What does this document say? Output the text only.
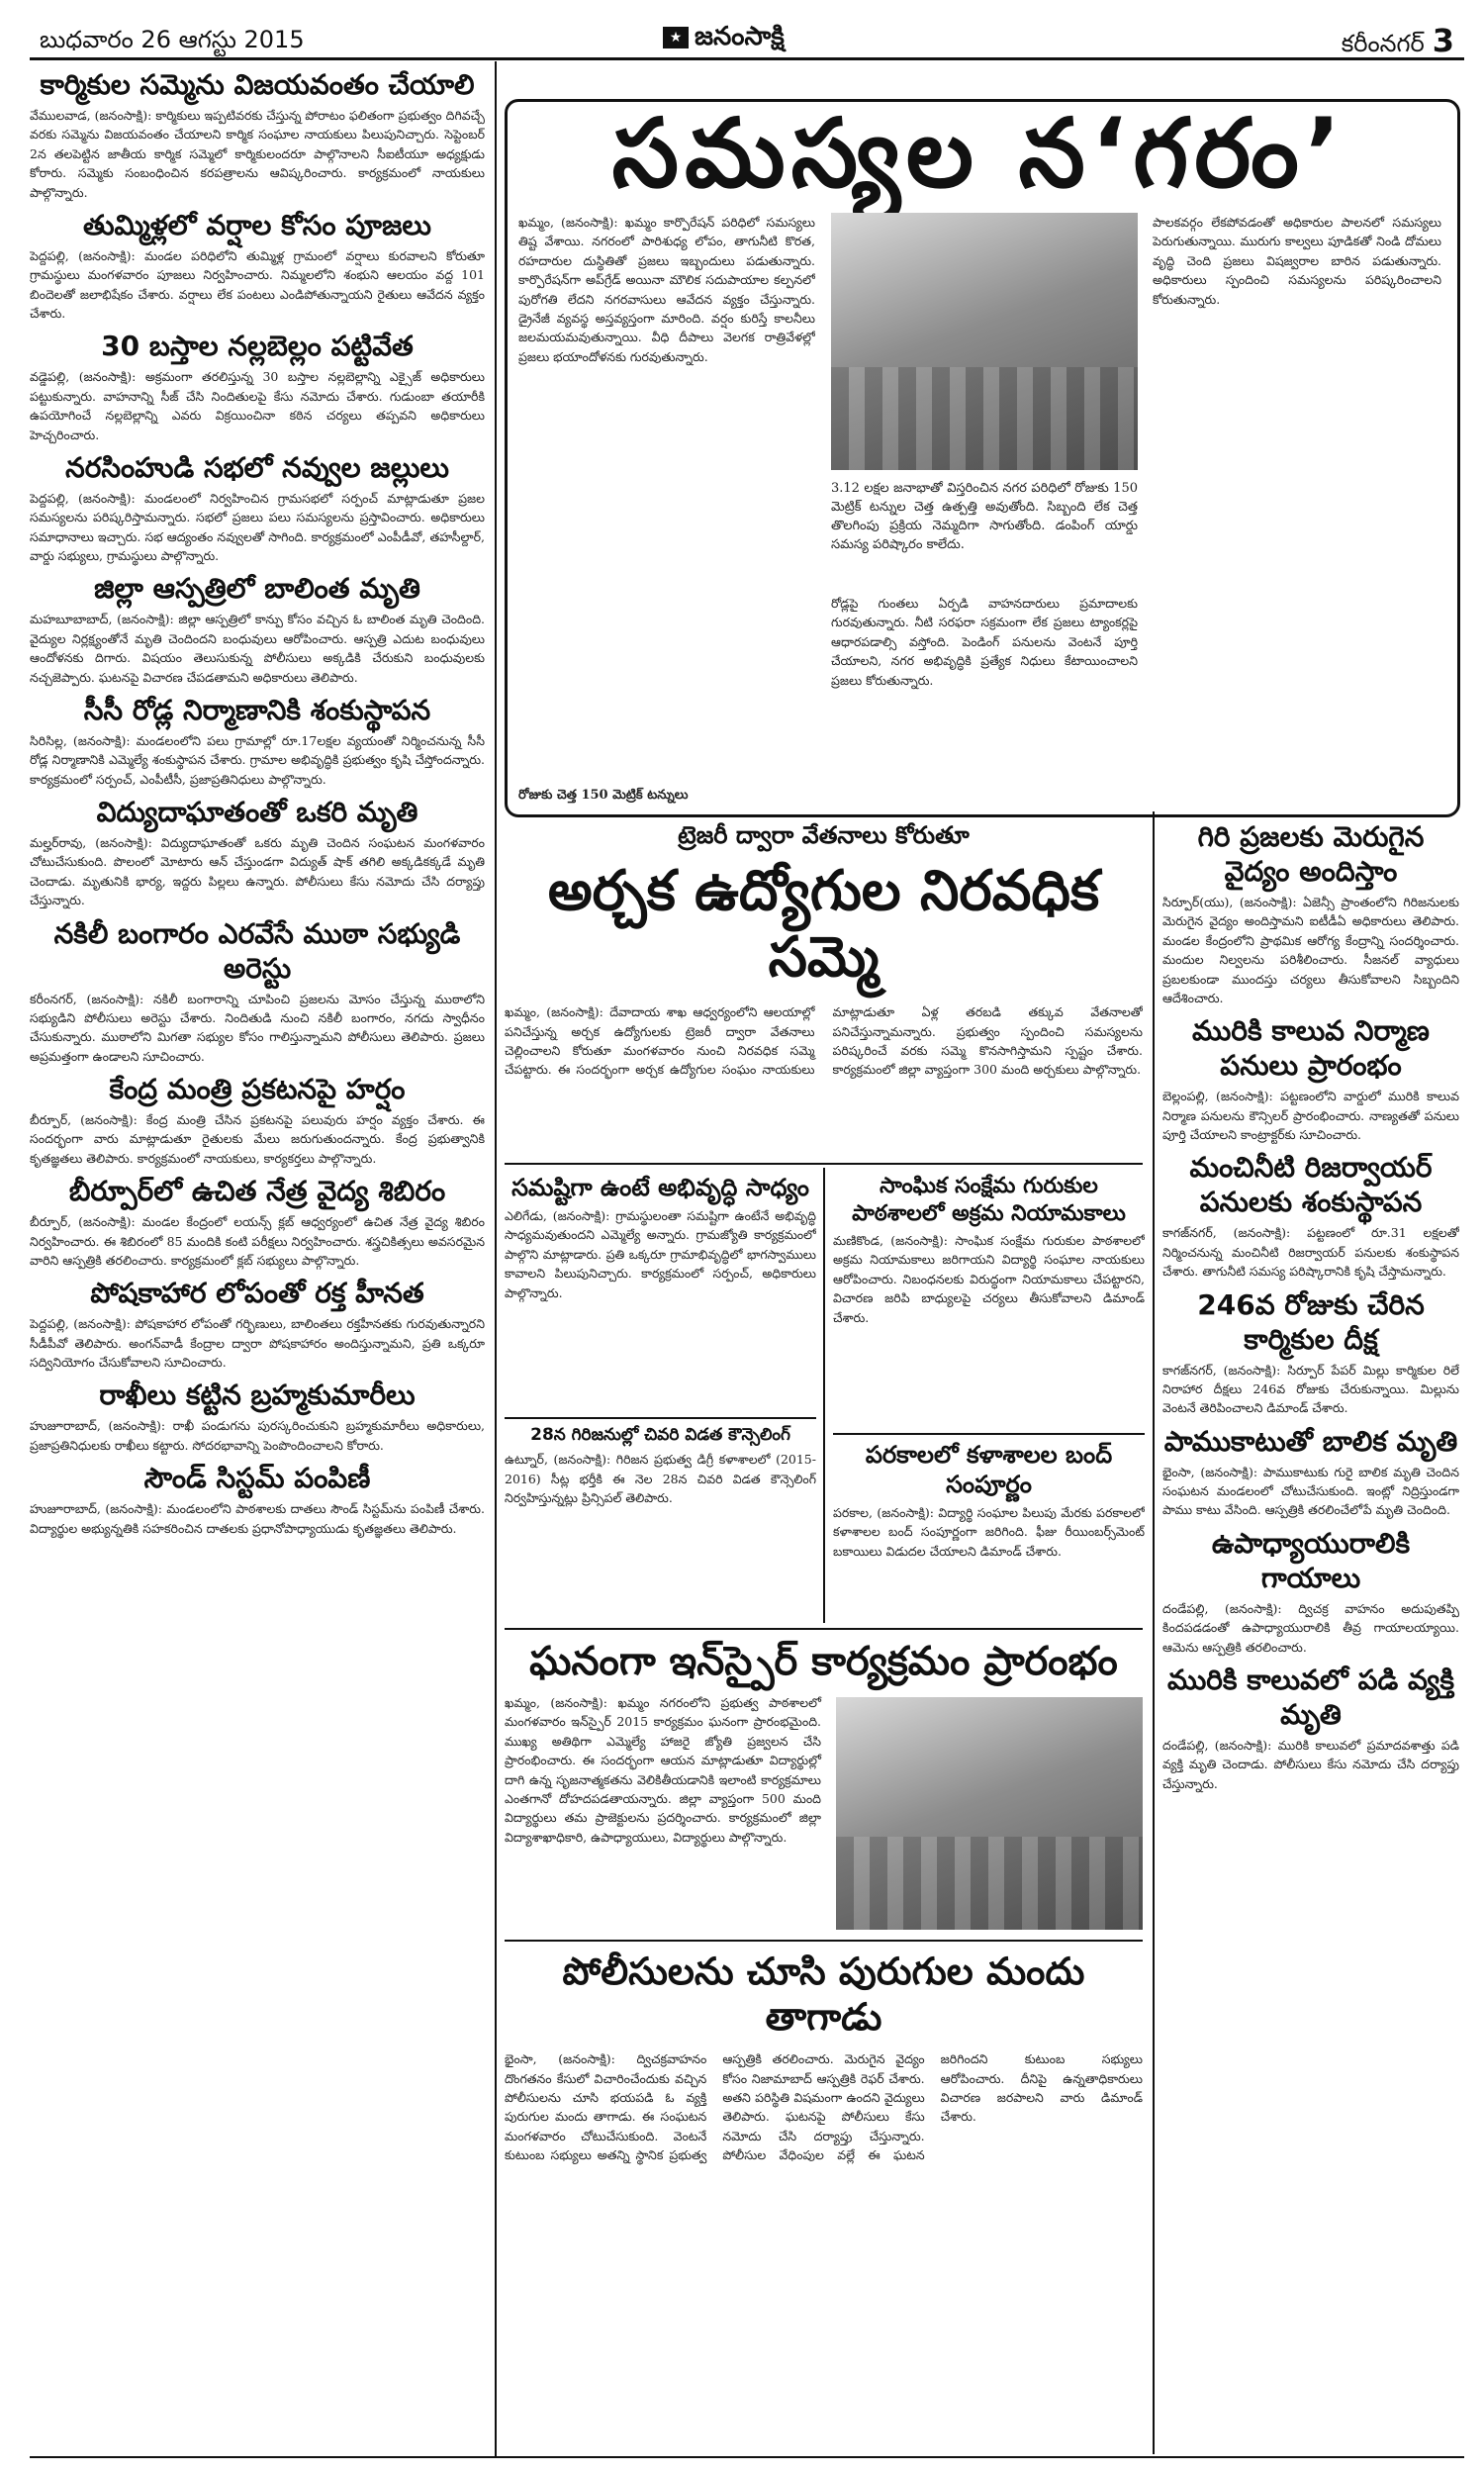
బుధవారం 26 ఆగస్టు 2015	★ జనంసాక్షి	కరీంనగర్ 3
కార్మికుల సమ్మెను విజయవంతం చేయాలి
వేములవాడ, (జనంసాక్షి): కార్మికులు ఇప్పటివరకు చేస్తున్న పోరాటం ఫలితంగా ప్రభుత్వం దిగివచ్చే వరకు సమ్మెను విజయవంతం చేయాలని కార్మిక సంఘాల నాయకులు పిలుపునిచ్చారు. సెప్టెంబర్ 2న తలపెట్టిన జాతీయ కార్మిక సమ్మెలో కార్మికులందరూ పాల్గొనాలని సీఐటీయూ అధ్యక్షుడు కోరారు. సమ్మెకు సంబంధించిన కరపత్రాలను ఆవిష్కరించారు. కార్యక్రమంలో నాయకులు పాల్గొన్నారు.
తుమ్మిళ్లలో వర్షాల కోసం పూజలు
పెద్దపల్లి, (జనంసాక్షి): మండల పరిధిలోని తుమ్మిళ్ల గ్రామంలో వర్షాలు కురవాలని కోరుతూ గ్రామస్థులు మంగళవారం పూజలు నిర్వహించారు. నిమ్మలలోని శంభుని ఆలయం వద్ద 101 బిందెలతో జలాభిషేకం చేశారు. వర్షాలు లేక పంటలు ఎండిపోతున్నాయని రైతులు ఆవేదన వ్యక్తం చేశారు.
30 బస్తాల నల్లబెల్లం పట్టివేత
వడ్డెపల్లి, (జనంసాక్షి): అక్రమంగా తరలిస్తున్న 30 బస్తాల నల్లబెల్లాన్ని ఎక్సైజ్ అధికారులు పట్టుకున్నారు. వాహనాన్ని సీజ్ చేసి నిందితులపై కేసు నమోదు చేశారు. గుడుంబా తయారీకి ఉపయోగించే నల్లబెల్లాన్ని ఎవరు విక్రయించినా కఠిన చర్యలు తప్పవని అధికారులు హెచ్చరించారు.
నరసింహుడి సభలో నవ్వుల జల్లులు
పెద్దపల్లి, (జనంసాక్షి): మండలంలో నిర్వహించిన గ్రామసభలో సర్పంచ్ మాట్లాడుతూ ప్రజల సమస్యలను పరిష్కరిస్తామన్నారు. సభలో ప్రజలు పలు సమస్యలను ప్రస్తావించారు. అధికారులు సమాధానాలు ఇచ్చారు. సభ ఆద్యంతం నవ్వులతో సాగింది. కార్యక్రమంలో ఎంపీడీవో, తహసీల్దార్, వార్డు సభ్యులు, గ్రామస్థులు పాల్గొన్నారు.
జిల్లా ఆస్పత్రిలో బాలింత మృతి
మహబూబాబాద్, (జనంసాక్షి): జిల్లా ఆస్పత్రిలో కాన్పు కోసం వచ్చిన ఓ బాలింత మృతి చెందింది. వైద్యుల నిర్లక్ష్యంతోనే మృతి చెందిందని బంధువులు ఆరోపించారు. ఆస్పత్రి ఎదుట బంధువులు ఆందోళనకు దిగారు. విషయం తెలుసుకున్న పోలీసులు అక్కడికి చేరుకుని బంధువులకు నచ్చజెప్పారు. ఘటనపై విచారణ చేపడతామని అధికారులు తెలిపారు.
సీసీ రోడ్ల నిర్మాణానికి శంకుస్థాపన
సిరిసిల్ల, (జనంసాక్షి): మండలంలోని పలు గ్రామాల్లో రూ.17లక్షల వ్యయంతో నిర్మించనున్న సీసీ రోడ్ల నిర్మాణానికి ఎమ్మెల్యే శంకుస్థాపన చేశారు. గ్రామాల అభివృద్ధికి ప్రభుత్వం కృషి చేస్తోందన్నారు. కార్యక్రమంలో సర్పంచ్, ఎంపీటీసీ, ప్రజాప్రతినిధులు పాల్గొన్నారు.
విద్యుదాఘాతంతో ఒకరి మృతి
మల్హర్‌రావు, (జనంసాక్షి): విద్యుదాఘాతంతో ఒకరు మృతి చెందిన సంఘటన మంగళవారం చోటుచేసుకుంది. పొలంలో మోటారు ఆన్ చేస్తుండగా విద్యుత్ షాక్ తగిలి అక్కడికక్కడే మృతి చెందాడు. మృతునికి భార్య, ఇద్దరు పిల్లలు ఉన్నారు. పోలీసులు కేసు నమోదు చేసి దర్యాప్తు చేస్తున్నారు.
నకిలీ బంగారం ఎరవేసే ముఠా సభ్యుడి అరెస్టు
కరీంనగర్, (జనంసాక్షి): నకిలీ బంగారాన్ని చూపించి ప్రజలను మోసం చేస్తున్న ముఠాలోని సభ్యుడిని పోలీసులు అరెస్టు చేశారు. నిందితుడి నుంచి నకిలీ బంగారం, నగదు స్వాధీనం చేసుకున్నారు. ముఠాలోని మిగతా సభ్యుల కోసం గాలిస్తున్నామని పోలీసులు తెలిపారు. ప్రజలు అప్రమత్తంగా ఉండాలని సూచించారు.
కేంద్ర మంత్రి ప్రకటనపై హర్షం
బీర్పూర్, (జనంసాక్షి): కేంద్ర మంత్రి చేసిన ప్రకటనపై పలువురు హర్షం వ్యక్తం చేశారు. ఈ సందర్భంగా వారు మాట్లాడుతూ రైతులకు మేలు జరుగుతుందన్నారు. కేంద్ర ప్రభుత్వానికి కృతజ్ఞతలు తెలిపారు. కార్యక్రమంలో నాయకులు, కార్యకర్తలు పాల్గొన్నారు.
బీర్పూర్‌లో ఉచిత నేత్ర వైద్య శిబిరం
బీర్పూర్, (జనంసాక్షి): మండల కేంద్రంలో లయన్స్ క్లబ్ ఆధ్వర్యంలో ఉచిత నేత్ర వైద్య శిబిరం నిర్వహించారు. ఈ శిబిరంలో 85 మందికి కంటి పరీక్షలు నిర్వహించారు. శస్త్రచికిత్సలు అవసరమైన వారిని ఆస్పత్రికి తరలించారు. కార్యక్రమంలో క్లబ్ సభ్యులు పాల్గొన్నారు.
పోషకాహార లోపంతో రక్త హీనత
పెద్దపల్లి, (జనంసాక్షి): పోషకాహార లోపంతో గర్భిణులు, బాలింతలు రక్తహీనతకు గురవుతున్నారని సీడీపీవో తెలిపారు. అంగన్‌వాడీ కేంద్రాల ద్వారా పోషకాహారం అందిస్తున్నామని, ప్రతి ఒక్కరూ సద్వినియోగం చేసుకోవాలని సూచించారు.
రాఖీలు కట్టిన బ్రహ్మకుమారీలు
హుజూరాబాద్, (జనంసాక్షి): రాఖీ పండుగను పురస్కరించుకుని బ్రహ్మకుమారీలు అధికారులు, ప్రజాప్రతినిధులకు రాఖీలు కట్టారు. సోదరభావాన్ని పెంపొందించాలని కోరారు.
సౌండ్ సిస్టమ్ పంపిణీ
హుజూరాబాద్, (జనంసాక్షి): మండలంలోని పాఠశాలకు దాతలు సౌండ్ సిస్టమ్‌ను పంపిణీ చేశారు. విద్యార్థుల అభ్యున్నతికి సహకరించిన దాతలకు ప్రధానోపాధ్యాయుడు కృతజ్ఞతలు తెలిపారు.
సమస్యల న‘గరం’
ఖమ్మం, (జనంసాక్షి): ఖమ్మం కార్పొరేషన్ పరిధిలో సమస్యలు తిష్ట వేశాయి. నగరంలో పారిశుధ్య లోపం, తాగునీటి కొరత, రహదారుల దుస్థితితో ప్రజలు ఇబ్బందులు పడుతున్నారు. కార్పొరేషన్‌గా అప్‌గ్రేడ్ అయినా మౌలిక సదుపాయాల కల్పనలో పురోగతి లేదని నగరవాసులు ఆవేదన వ్యక్తం చేస్తున్నారు. డ్రైనేజీ వ్యవస్థ అస్తవ్యస్తంగా మారింది. వర్షం కురిస్తే కాలనీలు జలమయమవుతున్నాయి. వీధి దీపాలు వెలగక రాత్రివేళల్లో ప్రజలు భయాందోళనకు గురవుతున్నారు.
3.12 లక్షల జనాభాతో విస్తరించిన నగర పరిధిలో రోజుకు 150 మెట్రిక్ టన్నుల చెత్త ఉత్పత్తి అవుతోంది. సిబ్బంది లేక చెత్త తొలగింపు ప్రక్రియ నెమ్మదిగా సాగుతోంది. డంపింగ్ యార్డు సమస్య పరిష్కారం కాలేదు.
రోడ్లపై గుంతలు ఏర్పడి వాహనదారులు ప్రమాదాలకు గురవుతున్నారు. నీటి సరఫరా సక్రమంగా లేక ప్రజలు ట్యాంకర్లపై ఆధారపడాల్సి వస్తోంది. పెండింగ్ పనులను వెంటనే పూర్తి చేయాలని, నగర అభివృద్ధికి ప్రత్యేక నిధులు కేటాయించాలని ప్రజలు కోరుతున్నారు.
పాలకవర్గం లేకపోవడంతో అధికారుల పాలనలో సమస్యలు పెరుగుతున్నాయి. మురుగు కాల్వలు పూడికతో నిండి దోమలు వృద్ధి చెంది ప్రజలు విషజ్వరాల బారిన పడుతున్నారు. అధికారులు స్పందించి సమస్యలను పరిష్కరించాలని కోరుతున్నారు.
రోజుకు చెత్త 150 మెట్రిక్ టన్నులు
ట్రెజరీ ద్వారా వేతనాలు కోరుతూ
అర్చక ఉద్యోగుల నిరవధిక సమ్మె
ఖమ్మం, (జనంసాక్షి): దేవాదాయ శాఖ ఆధ్వర్యంలోని ఆలయాల్లో పనిచేస్తున్న అర్చక ఉద్యోగులకు ట్రెజరీ ద్వారా వేతనాలు చెల్లించాలని కోరుతూ మంగళవారం నుంచి నిరవధిక సమ్మె చేపట్టారు. ఈ సందర్భంగా అర్చక ఉద్యోగుల సంఘం నాయకులు మాట్లాడుతూ ఏళ్ల తరబడి తక్కువ వేతనాలతో పనిచేస్తున్నామన్నారు. ప్రభుత్వం స్పందించి సమస్యలను పరిష్కరించే వరకు సమ్మె కొనసాగిస్తామని స్పష్టం చేశారు. కార్యక్రమంలో జిల్లా వ్యాప్తంగా 300 మంది అర్చకులు పాల్గొన్నారు.
గిరి ప్రజలకు మెరుగైన వైద్యం అందిస్తాం
సిర్పూర్(యు), (జనంసాక్షి): ఏజెన్సీ ప్రాంతంలోని గిరిజనులకు మెరుగైన వైద్యం అందిస్తామని ఐటీడీఏ అధికారులు తెలిపారు. మండల కేంద్రంలోని ప్రాథమిక ఆరోగ్య కేంద్రాన్ని సందర్శించారు. మందుల నిల్వలను పరిశీలించారు. సీజనల్ వ్యాధులు ప్రబలకుండా ముందస్తు చర్యలు తీసుకోవాలని సిబ్బందిని ఆదేశించారు.
మురికి కాలువ నిర్మాణ పనులు ప్రారంభం
బెల్లంపల్లి, (జనంసాక్షి): పట్టణంలోని వార్డులో మురికి కాలువ నిర్మాణ పనులను కౌన్సిలర్ ప్రారంభించారు. నాణ్యతతో పనులు పూర్తి చేయాలని కాంట్రాక్టర్‌కు సూచించారు.
మంచినీటి రిజర్వాయర్ పనులకు శంకుస్థాపన
కాగజ్‌నగర్, (జనంసాక్షి): పట్టణంలో రూ.31 లక్షలతో నిర్మించనున్న మంచినీటి రిజర్వాయర్ పనులకు శంకుస్థాపన చేశారు. తాగునీటి సమస్య పరిష్కారానికి కృషి చేస్తామన్నారు.
246వ రోజుకు చేరిన కార్మికుల దీక్ష
కాగజ్‌నగర్, (జనంసాక్షి): సిర్పూర్ పేపర్ మిల్లు కార్మికుల రిలే నిరాహార దీక్షలు 246వ రోజుకు చేరుకున్నాయి. మిల్లును వెంటనే తెరిపించాలని డిమాండ్ చేశారు.
పాముకాటుతో బాలిక మృతి
భైంసా, (జనంసాక్షి): పాముకాటుకు గురై బాలిక మృతి చెందిన సంఘటన మండలంలో చోటుచేసుకుంది. ఇంట్లో నిద్రిస్తుండగా పాము కాటు వేసింది. ఆస్పత్రికి తరలించేలోపే మృతి చెందింది.
ఉపాధ్యాయురాలికి గాయాలు
దండేపల్లి, (జనంసాక్షి): ద్విచక్ర వాహనం అదుపుతప్పి కిందపడడంతో ఉపాధ్యాయురాలికి తీవ్ర గాయాలయ్యాయి. ఆమెను ఆస్పత్రికి తరలించారు.
మురికి కాలువలో పడి వ్యక్తి మృతి
దండేపల్లి, (జనంసాక్షి): మురికి కాలువలో ప్రమాదవశాత్తు పడి వ్యక్తి మృతి చెందాడు. పోలీసులు కేసు నమోదు చేసి దర్యాప్తు చేస్తున్నారు.
సమష్టిగా ఉంటే అభివృద్ధి సాధ్యం
ఎలిగేడు, (జనంసాక్షి): గ్రామస్థులంతా సమష్టిగా ఉంటేనే అభివృద్ధి సాధ్యమవుతుందని ఎమ్మెల్యే అన్నారు. గ్రామజ్యోతి కార్యక్రమంలో పాల్గొని మాట్లాడారు. ప్రతి ఒక్కరూ గ్రామాభివృద్ధిలో భాగస్వాములు కావాలని పిలుపునిచ్చారు. కార్యక్రమంలో సర్పంచ్, అధికారులు పాల్గొన్నారు.
28న గిరిజనుల్లో చివరి విడత కౌన్సెలింగ్
ఉట్నూర్, (జనంసాక్షి): గిరిజన ప్రభుత్వ డిగ్రీ కళాశాలలో (2015-2016) సీట్ల భర్తీకి ఈ నెల 28న చివరి విడత కౌన్సెలింగ్ నిర్వహిస్తున్నట్లు ప్రిన్సిపల్ తెలిపారు.
సాంఘిక సంక్షేమ గురుకుల పాఠశాలలో అక్రమ నియామకాలు
మణికొండ, (జనంసాక్షి): సాంఘిక సంక్షేమ గురుకుల పాఠశాలలో అక్రమ నియామకాలు జరిగాయని విద్యార్థి సంఘాల నాయకులు ఆరోపించారు. నిబంధనలకు విరుద్ధంగా నియామకాలు చేపట్టారని, విచారణ జరిపి బాధ్యులపై చర్యలు తీసుకోవాలని డిమాండ్ చేశారు.
పరకాలలో కళాశాలల బంద్ సంపూర్ణం
పరకాల, (జనంసాక్షి): విద్యార్థి సంఘాల పిలుపు మేరకు పరకాలలో కళాశాలల బంద్ సంపూర్ణంగా జరిగింది. ఫీజు రీయింబర్స్‌మెంట్ బకాయిలు విడుదల చేయాలని డిమాండ్ చేశారు.
ఘనంగా ఇన్‌స్పైర్ కార్యక్రమం ప్రారంభం
ఖమ్మం, (జనంసాక్షి): ఖమ్మం నగరంలోని ప్రభుత్వ పాఠశాలలో మంగళవారం ఇన్‌స్పైర్ 2015 కార్యక్రమం ఘనంగా ప్రారంభమైంది. ముఖ్య అతిథిగా ఎమ్మెల్యే హాజరై జ్యోతి ప్రజ్వలన చేసి ప్రారంభించారు. ఈ సందర్భంగా ఆయన మాట్లాడుతూ విద్యార్థుల్లో దాగి ఉన్న సృజనాత్మకతను వెలికితీయడానికి ఇలాంటి కార్యక్రమాలు ఎంతగానో దోహదపడతాయన్నారు. జిల్లా వ్యాప్తంగా 500 మంది విద్యార్థులు తమ ప్రాజెక్టులను ప్రదర్శించారు. కార్యక్రమంలో జిల్లా విద్యాశాఖాధికారి, ఉపాధ్యాయులు, విద్యార్థులు పాల్గొన్నారు.
పోలీసులను చూసి పురుగుల మందు తాగాడు
భైంసా, (జనంసాక్షి): ద్విచక్రవాహనం దొంగతనం కేసులో విచారించేందుకు వచ్చిన పోలీసులను చూసి భయపడి ఓ వ్యక్తి పురుగుల మందు తాగాడు. ఈ సంఘటన మంగళవారం చోటుచేసుకుంది. వెంటనే కుటుంబ సభ్యులు అతన్ని స్థానిక ప్రభుత్వ ఆస్పత్రికి తరలించారు. మెరుగైన వైద్యం కోసం నిజామాబాద్ ఆస్పత్రికి రెఫర్ చేశారు. అతని పరిస్థితి విషమంగా ఉందని వైద్యులు తెలిపారు. ఘటనపై పోలీసులు కేసు నమోదు చేసి దర్యాప్తు చేస్తున్నారు. పోలీసుల వేధింపుల వల్లే ఈ ఘటన జరిగిందని కుటుంబ సభ్యులు ఆరోపించారు. దీనిపై ఉన్నతాధికారులు విచారణ జరపాలని వారు డిమాండ్ చేశారు.
